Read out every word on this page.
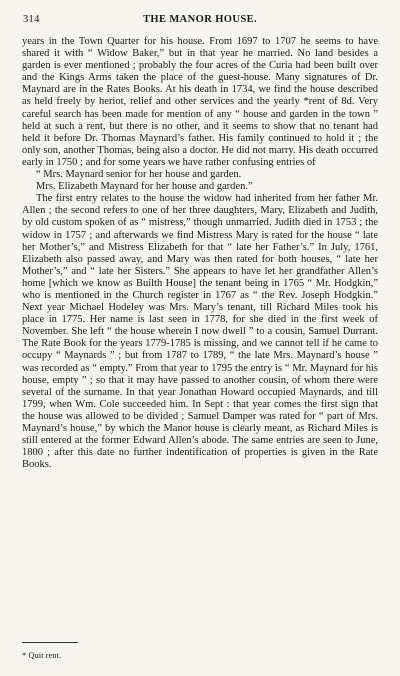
314	THE MANOR HOUSE.

years in the Town Quarter for his house. From 1697 to 1707 he seems to have shared it with “ Widow Baker,” but in that year he married. No land besides a garden is ever mentioned ; probably the four acres of the Curia had been built over and the Kings Arms taken the place of the guest-house. Many signatures of Dr. Maynard are in the Rates Books. At his death in 1734, we find the house described as held freely by heriot, relief and other services and the yearly *rent of 8d. Very careful search has been made for mention of any “ house and garden in the town ” held at such a rent, but there is no other, and it seems to show that no tenant had held it before Dr. Thomas Maynard’s father. His family continued to hold it ; the only son, another Thomas, being also a doctor. He did not marry. His death occurred early in 1750 ; and for some years we have rather confusing entries of

“ Mrs. Maynard senior for her house and garden.

Mrs. Elizabeth Maynard for her house and garden.”

The first entry relates to the house the widow had inherited from her father Mr. Allen ; the second refers to one of her three daughters, Mary, Elizabeth and Judith, by old custom spoken of as “ mistress,” though unmarried. Judith died in 1753 ; the widow in 1757 ; and afterwards we find Mistress Mary is rated for the house “ late her Mother’s,” and Mistress Elizabeth for that “ late her Father’s.” In July, 1761, Elizabeth also passed away, and Mary was then rated for both houses, “ late her Mother’s,” and “ late her Sisters.” She appears to have let her grandfather Allen’s home [which we know as Builth House] the tenant being in 1765 “ Mr. Hodgkin,” who is mentioned in the Church register in 1767 as “ the Rev. Joseph Hodgkin.” Next year Michael Hodeley was Mrs. Mary’s tenant, till Richard Miles took his place in 1775. Her name is last seen in 1778, for she died in the first week of November. She left “ the house wherein I now dwell ” to a cousin, Samuel Durrant. The Rate Book for the years 1779-1785 is missing, and we cannot tell if he came to occupy “ Maynards ” ; but from 1787 to 1789, “ the late Mrs. Maynard’s house ” was recorded as “ empty.” From that year to 1795 the entry is “ Mr. Maynard for his house, empty ” ; so that it may have passed to another cousin, of whom there were several of the surname. In that year Jonathan Howard occupied Maynards, and till 1799, when Wm. Cole succeeded him. In Sept : that year comes the first sign that the house was allowed to be divided ; Samuel Damper was rated for “ part of Mrs. Maynard’s house,” by which the Manor house is clearly meant, as Richard Miles is still entered at the former Edward Allen’s abode. The same entries are seen to June, 1800 ; after this date no further indentification of properties is given in the Rate Books.

* Quit rent.
